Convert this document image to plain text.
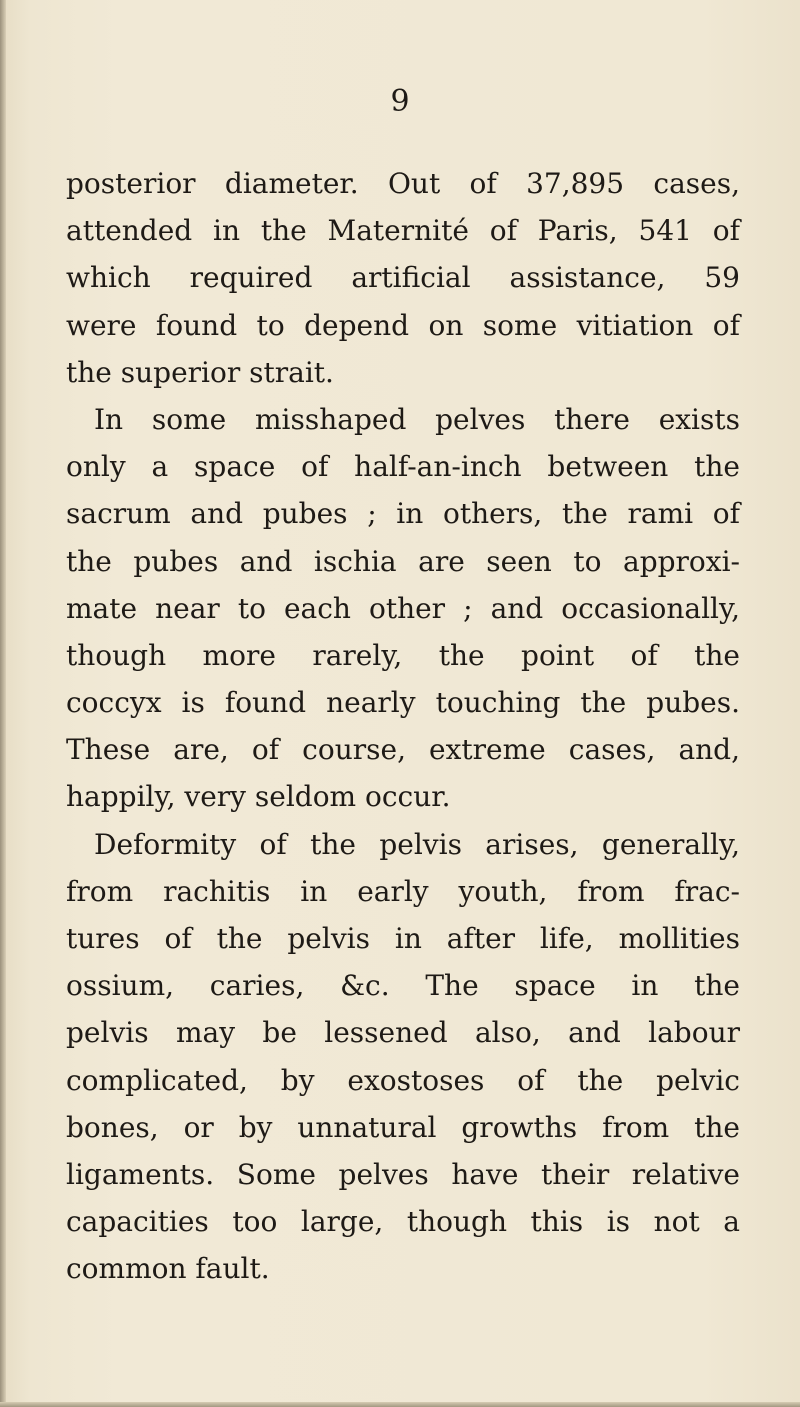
9
posterior diameter. Out of 37,895 cases,
attended in the Maternité of Paris, 541 of
which required artificial assistance, 59
were found to depend on some vitiation of
the superior strait.
In some misshaped pelves there exists
only a space of half-an-inch between the
sacrum and pubes ; in others, the rami of
the pubes and ischia are seen to approxi-
mate near to each other ; and occasionally,
though more rarely, the point of the
coccyx is found nearly touching the pubes.
These are, of course, extreme cases, and,
happily, very seldom occur.
Deformity of the pelvis arises, generally,
from rachitis in early youth, from frac-
tures of the pelvis in after life, mollities
ossium, caries, &c. The space in the
pelvis may be lessened also, and labour
complicated, by exostoses of the pelvic
bones, or by unnatural growths from the
ligaments. Some pelves have their relative
capacities too large, though this is not a
common fault.
